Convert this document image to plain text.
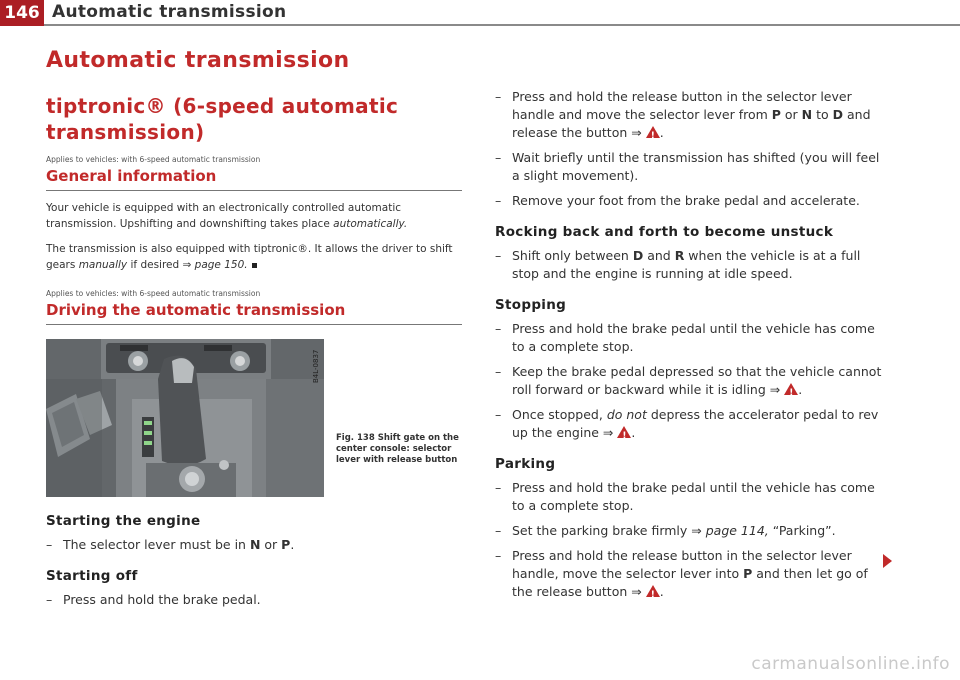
146 Automatic transmission
Automatic transmission
tiptronic® (6-speed automatic transmission)
Applies to vehicles: with 6-speed automatic transmission
General information

Your vehicle is equipped with an electronically controlled automatic transmission. Upshifting and downshifting takes place automatically.

The transmission is also equipped with tiptronic®. It allows the driver to shift gears manually if desired ⇒ page 150.

Applies to vehicles: with 6-speed automatic transmission
Driving the automatic transmission
B4L-0837
Fig. 138 Shift gate on the center console: selector lever with release button
Starting the engine
– The selector lever must be in N or P.
Starting off
– Press and hold the brake pedal.
– Press and hold the release button in the selector lever handle and move the selector lever from P or N to D and release the button ⇒ !.
– Wait briefly until the transmission has shifted (you will feel a slight movement).
– Remove your foot from the brake pedal and accelerate.
Rocking back and forth to become unstuck
– Shift only between D and R when the vehicle is at a full stop and the engine is running at idle speed.
Stopping
– Press and hold the brake pedal until the vehicle has come to a complete stop.
– Keep the brake pedal depressed so that the vehicle cannot roll forward or backward while it is idling ⇒ !.
– Once stopped, do not depress the accelerator pedal to rev up the engine ⇒ !.
Parking
– Press and hold the brake pedal until the vehicle has come to a complete stop.
– Set the parking brake firmly ⇒ page 114, “Parking”.
– Press and hold the release button in the selector lever handle, move the selector lever into P and then let go of the release button ⇒ !.
carmanualsonline.info
